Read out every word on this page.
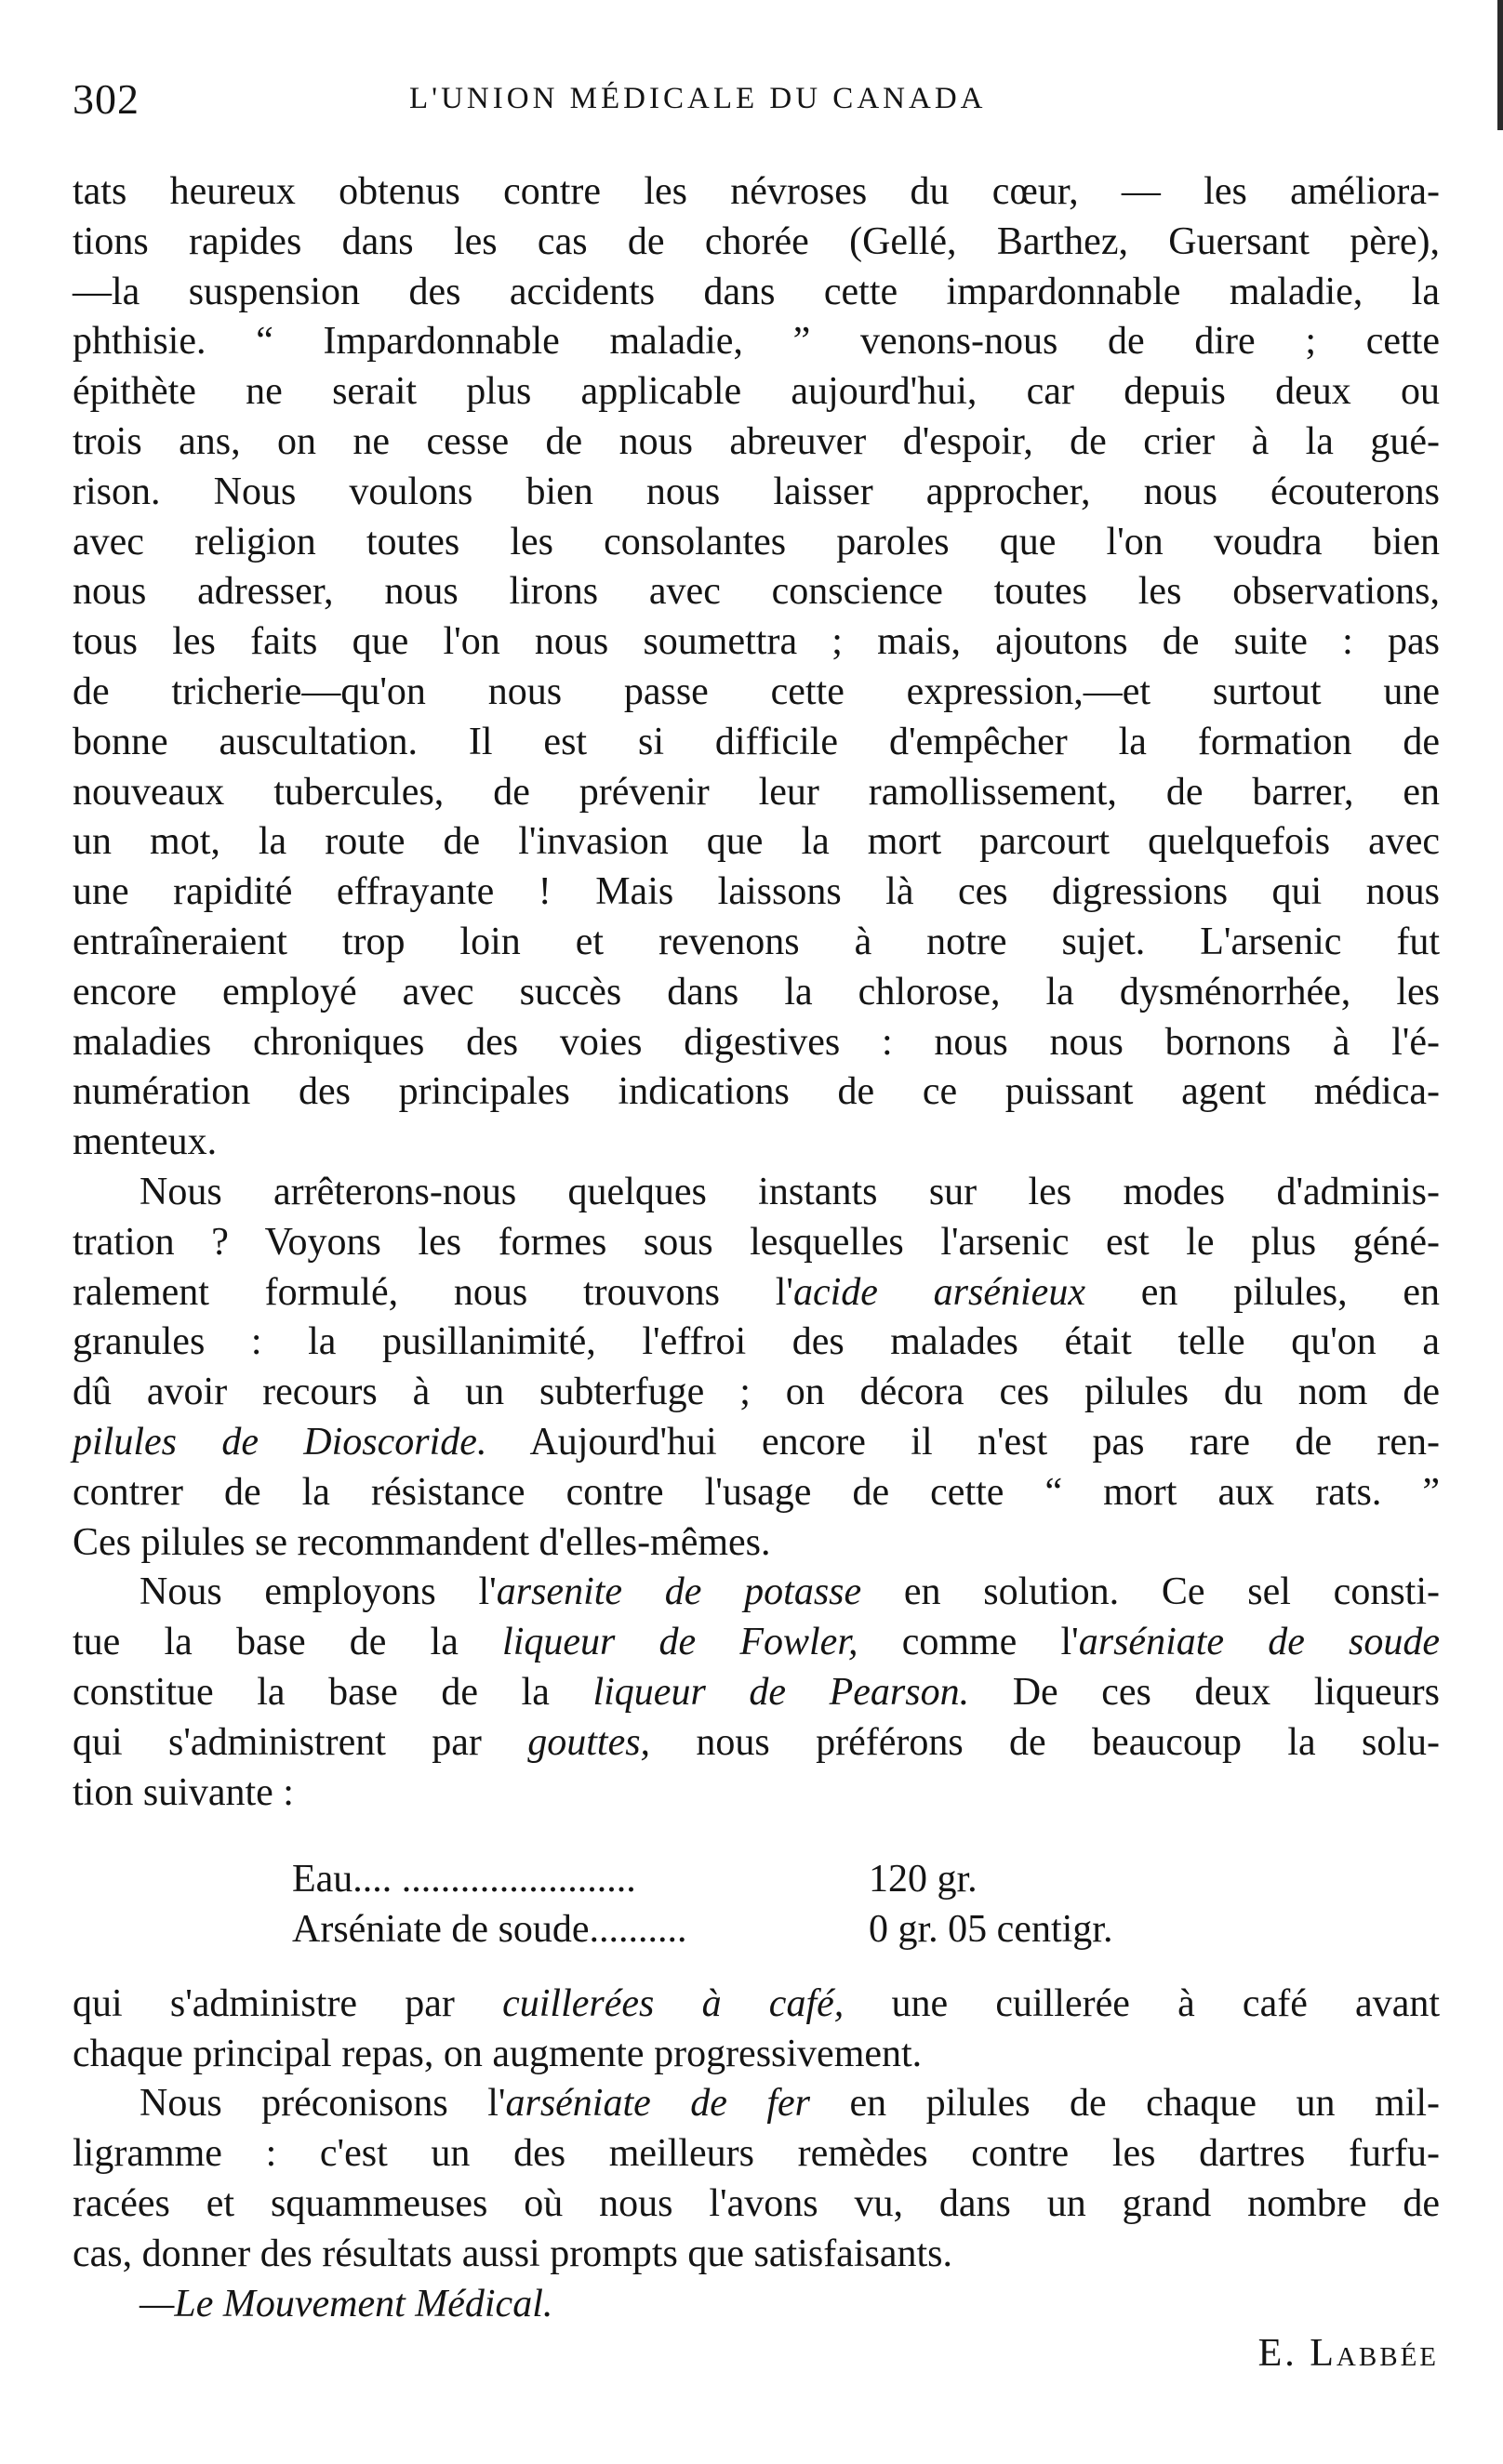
302	L'UNION MÉDICALE DU CANADA
tats heureux obtenus contre les névroses du cœur, — les améliora-
tions rapides dans les cas de chorée (Gellé, Barthez, Guersant père),
—la suspension des accidents dans cette impardonnable maladie, la
phthisie. “ Impardonnable maladie, ” venons-nous de dire ; cette
épithète ne serait plus applicable aujourd'hui, car depuis deux ou
trois ans, on ne cesse de nous abreuver d'espoir, de crier à la gué-
rison. Nous voulons bien nous laisser approcher, nous écouterons
avec religion toutes les consolantes paroles que l'on voudra bien
nous adresser, nous lirons avec conscience toutes les observations,
tous les faits que l'on nous soumettra ; mais, ajoutons de suite : pas
de tricherie—qu'on nous passe cette expression,—et surtout une
bonne auscultation. Il est si difficile d'empêcher la formation de
nouveaux tubercules, de prévenir leur ramollissement, de barrer, en
un mot, la route de l'invasion que la mort parcourt quelquefois avec
une rapidité effrayante ! Mais laissons là ces digressions qui nous
entraîneraient trop loin et revenons à notre sujet. L'arsenic fut
encore employé avec succès dans la chlorose, la dysménorrhée, les
maladies chroniques des voies digestives : nous nous bornons à l'é-
numération des principales indications de ce puissant agent médica-
menteux.
Nous arrêterons-nous quelques instants sur les modes d'adminis-
tration ? Voyons les formes sous lesquelles l'arsenic est le plus géné-
ralement formulé, nous trouvons l'acide arsénieux en pilules, en
granules : la pusillanimité, l'effroi des malades était telle qu'on a
dû avoir recours à un subterfuge ; on décora ces pilules du nom de
pilules de Dioscoride. Aujourd'hui encore il n'est pas rare de ren-
contrer de la résistance contre l'usage de cette “ mort aux rats. ”
Ces pilules se recommandent d'elles-mêmes.
Nous employons l'arsenite de potasse en solution. Ce sel consti-
tue la base de la liqueur de Fowler, comme l'arséniate de soude
constitue la base de la liqueur de Pearson. De ces deux liqueurs
qui s'administrent par gouttes, nous préférons de beaucoup la solu-
tion suivante :
Eau.... ........................	120 gr.
Arséniate de soude..........	0 gr. 05 centigr.
qui s'administre par cuillerées à café, une cuillerée à café avant
chaque principal repas, on augmente progressivement.
Nous préconisons l'arséniate de fer en pilules de chaque un mil-
ligramme : c'est un des meilleurs remèdes contre les dartres furfu-
racées et squammeuses où nous l'avons vu, dans un grand nombre de
cas, donner des résultats aussi prompts que satisfaisants.
—Le Mouvement Médical.
E. Labbée
